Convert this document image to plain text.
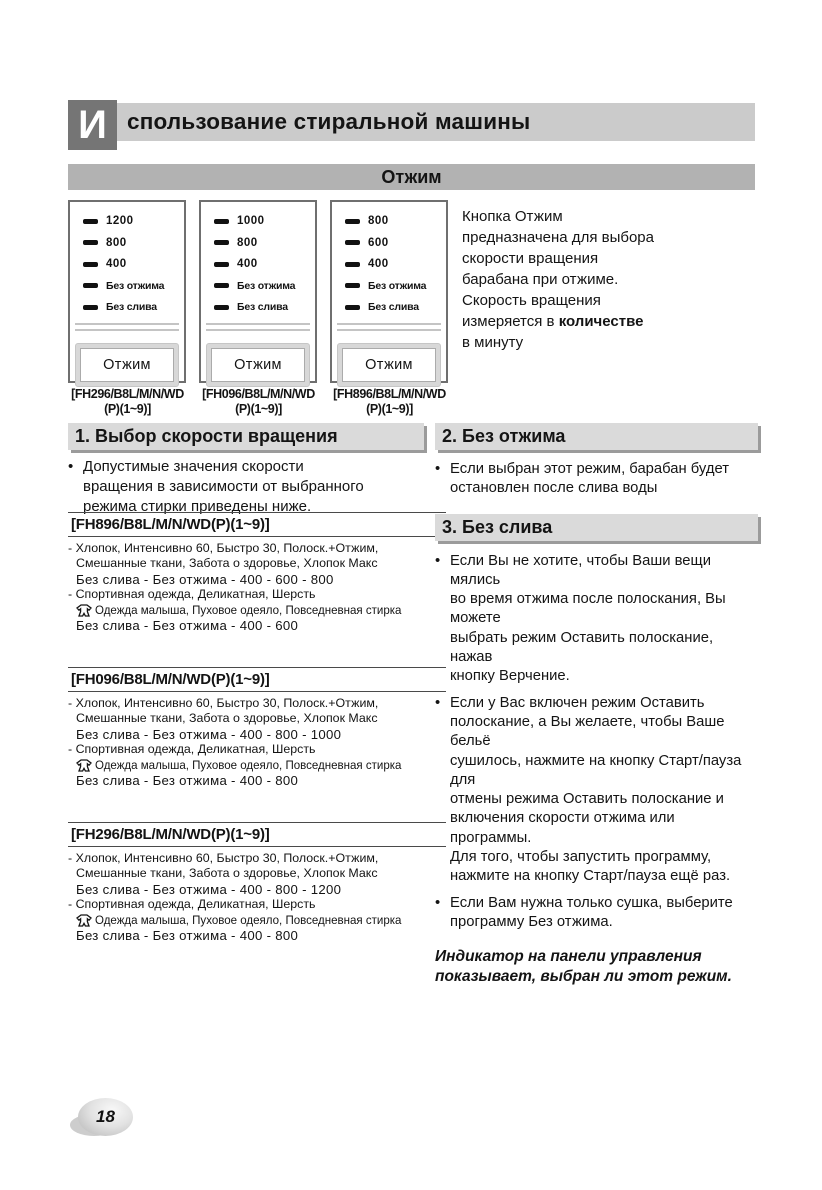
спользование стиральной машины
И
Отжим
1200
800
400
Без отжима
Без слива
Отжим
1000
800
400
Без отжима
Без слива
Отжим
800
600
400
Без отжима
Без слива
Отжим
[FH296/B8L/M/N/WD
(P)(1~9)]
[FH096/B8L/M/N/WD
(P)(1~9)]
[FH896/B8L/M/N/WD
(P)(1~9)]
Кнопка Отжим
предназначена для выбора
скорости вращения
барабана при отжиме.
Скорость вращения
измеряется в количестве
в минуту
1. Выбор скорости вращения
• Допустимые значения скорости
вращения в зависимости от выбранного
режима стирки приведены ниже.
[FH896/B8L/M/N/WD(P)(1~9)]
- Хлопок, Интенсивно 60, Быстро 30, Полоск.+Отжим,
Смешанные ткани, Забота о здоровье, Хлопок Макс
Без слива - Без отжима - 400 - 600 - 800
- Спортивная одежда, Деликатная, Шерсть
Одежда малыша, Пуховое одеяло, Повседневная стирка
Без слива - Без отжима - 400 - 600
[FH096/B8L/M/N/WD(P)(1~9)]
- Хлопок, Интенсивно 60, Быстро 30, Полоск.+Отжим,
Смешанные ткани, Забота о здоровье, Хлопок Макс
Без слива - Без отжима - 400 - 800 - 1000
- Спортивная одежда, Деликатная, Шерсть
Одежда малыша, Пуховое одеяло, Повседневная стирка
Без слива - Без отжима - 400 - 800
[FH296/B8L/M/N/WD(P)(1~9)]
- Хлопок, Интенсивно 60, Быстро 30, Полоск.+Отжим,
Смешанные ткани, Забота о здоровье, Хлопок Макс
Без слива - Без отжима - 400 - 800 - 1200
- Спортивная одежда, Деликатная, Шерсть
Одежда малыша, Пуховое одеяло, Повседневная стирка
Без слива - Без отжима - 400 - 800
2. Без отжима
• Если выбран этот режим, барабан будет
остановлен после слива воды
3. Без слива
• Если Вы не хотите, чтобы Ваши вещи мялись
во время отжима после полоскания, Вы можете
выбрать режим Оставить полоскание, нажав
кнопку Верчение.
• Если у Вас включен режим Оставить
полоскание, а Вы желаете, чтобы Ваше бельё
сушилось, нажмите на кнопку Старт/пауза для
отмены режима Оставить полоскание и
включения скорости отжима или программы.
Для того, чтобы запустить программу,
нажмите на кнопку Старт/пауза ещё раз.
• Если Вам нужна только сушка, выберите
программу Без отжима.
Индикатор на панели управления
показывает, выбран ли этот режим.
18
